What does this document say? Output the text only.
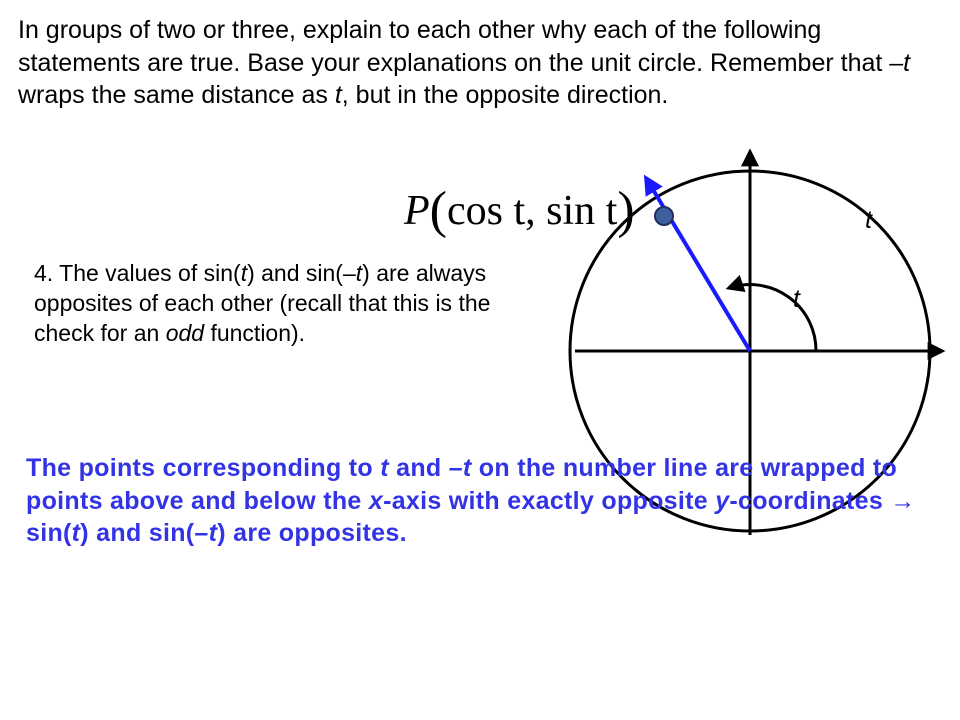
In groups of two or three, explain to each other why each of the following statements are true. Base your explanations on the unit circle. Remember that –t wraps the same distance as t, but in the opposite direction.

P(cos t, sin t)

4. The values of sin(t) and sin(–t) are always opposites of each other (recall that this is the check for an odd function).

t
t

The points corresponding to t and –t on the number line are wrapped to points above and below the x-axis with exactly opposite y-coordinates → sin(t) and sin(–t) are opposites.
